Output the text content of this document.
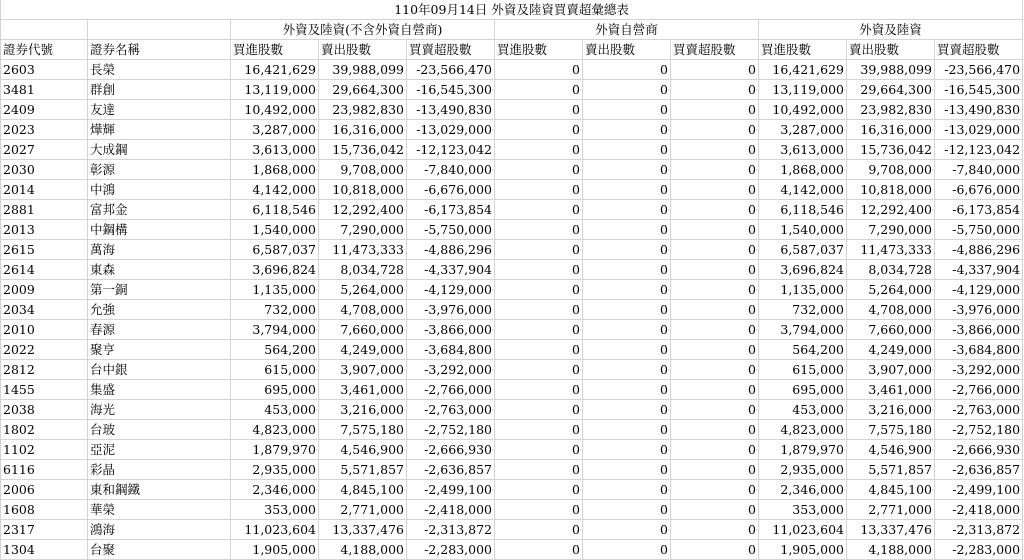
110年09月14日 外資及陸資買賣超彙總表										
		外資及陸資(不含外資自營商)			外資自營商			外資及陸資		
證券代號	證券名稱	買進股數	賣出股數	買賣超股數	買進股數	賣出股數	買賣超股數	買進股數	賣出股數	買賣超股數
2603	長榮	16,421,629	39,988,099	-23,566,470	0	0	0	16,421,629	39,988,099	-23,566,470
3481	群創	13,119,000	29,664,300	-16,545,300	0	0	0	13,119,000	29,664,300	-16,545,300
2409	友達	10,492,000	23,982,830	-13,490,830	0	0	0	10,492,000	23,982,830	-13,490,830
2023	燁輝	3,287,000	16,316,000	-13,029,000	0	0	0	3,287,000	16,316,000	-13,029,000
2027	大成鋼	3,613,000	15,736,042	-12,123,042	0	0	0	3,613,000	15,736,042	-12,123,042
2030	彰源	1,868,000	9,708,000	-7,840,000	0	0	0	1,868,000	9,708,000	-7,840,000
2014	中鴻	4,142,000	10,818,000	-6,676,000	0	0	0	4,142,000	10,818,000	-6,676,000
2881	富邦金	6,118,546	12,292,400	-6,173,854	0	0	0	6,118,546	12,292,400	-6,173,854
2013	中鋼構	1,540,000	7,290,000	-5,750,000	0	0	0	1,540,000	7,290,000	-5,750,000
2615	萬海	6,587,037	11,473,333	-4,886,296	0	0	0	6,587,037	11,473,333	-4,886,296
2614	東森	3,696,824	8,034,728	-4,337,904	0	0	0	3,696,824	8,034,728	-4,337,904
2009	第一銅	1,135,000	5,264,000	-4,129,000	0	0	0	1,135,000	5,264,000	-4,129,000
2034	允強	732,000	4,708,000	-3,976,000	0	0	0	732,000	4,708,000	-3,976,000
2010	春源	3,794,000	7,660,000	-3,866,000	0	0	0	3,794,000	7,660,000	-3,866,000
2022	聚亨	564,200	4,249,000	-3,684,800	0	0	0	564,200	4,249,000	-3,684,800
2812	台中銀	615,000	3,907,000	-3,292,000	0	0	0	615,000	3,907,000	-3,292,000
1455	集盛	695,000	3,461,000	-2,766,000	0	0	0	695,000	3,461,000	-2,766,000
2038	海光	453,000	3,216,000	-2,763,000	0	0	0	453,000	3,216,000	-2,763,000
1802	台玻	4,823,000	7,575,180	-2,752,180	0	0	0	4,823,000	7,575,180	-2,752,180
1102	亞泥	1,879,970	4,546,900	-2,666,930	0	0	0	1,879,970	4,546,900	-2,666,930
6116	彩晶	2,935,000	5,571,857	-2,636,857	0	0	0	2,935,000	5,571,857	-2,636,857
2006	東和鋼鐵	2,346,000	4,845,100	-2,499,100	0	0	0	2,346,000	4,845,100	-2,499,100
1608	華榮	353,000	2,771,000	-2,418,000	0	0	0	353,000	2,771,000	-2,418,000
2317	鴻海	11,023,604	13,337,476	-2,313,872	0	0	0	11,023,604	13,337,476	-2,313,872
1304	台聚	1,905,000	4,188,000	-2,283,000	0	0	0	1,905,000	4,188,000	-2,283,000
